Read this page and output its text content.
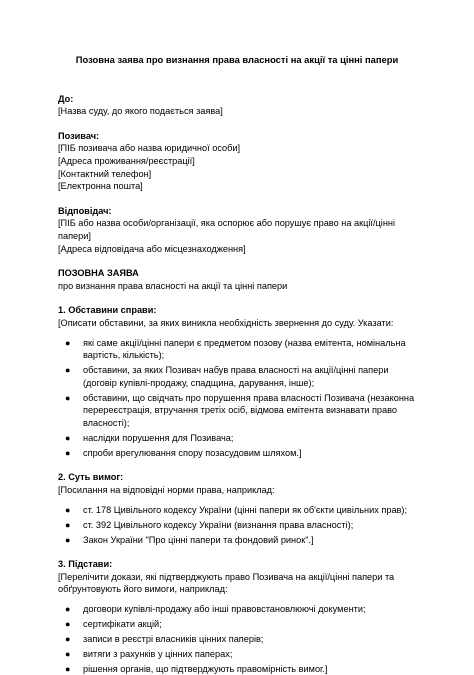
Позовна заява про визнання права власності на акції та цінні папери

До:

[Назва суду, до якого подається заява]

Позивач:

[ПІБ позивача або назва юридичної особи]

[Адреса проживання/реєстрації]

[Контактний телефон]

[Електронна пошта]

Відповідач:

[ПІБ або назва особи/організації, яка оспорює або порушує право на акції/цінні папери]

[Адреса відповідача або місцезнаходження]

ПОЗОВНА ЗАЯВА

про визнання права власності на акції та цінні папери

1. Обставини справи:

[Описати обставини, за яких виникла необхідність звернення до суду. Указати:

● які саме акції/цінні папери є предметом позову (назва емітента, номінальна вартість, кількість);
● обставини, за яких Позивач набув права власності на акції/цінні папери (договір купівлі-продажу, спадщина, дарування, інше);
● обставини, що свідчать про порушення права власності Позивача (незаконна перереєстрація, втручання третіх осіб, відмова емітента визнавати право власності);
● наслідки порушення для Позивача;
● спроби врегулювання спору позасудовим шляхом.]

2. Суть вимог:

[Посилання на відповідні норми права, наприклад:

● ст. 178 Цивільного кодексу України (цінні папери як об'єкти цивільних прав);
● ст. 392 Цивільного кодексу України (визнання права власності);
● Закон України "Про цінні папери та фондовий ринок".]

3. Підстави:

[Перелічити докази, які підтверджують право Позивача на акції/цінні папери та обґрунтовують його вимоги, наприклад:

● договори купівлі-продажу або інші правовстановлюючі документи;
● сертифікати акцій;
● записи в реєстрі власників цінних паперів;
● витяги з рахунків у цінних паперах;
● рішення органів, що підтверджують правомірність вимог.]
